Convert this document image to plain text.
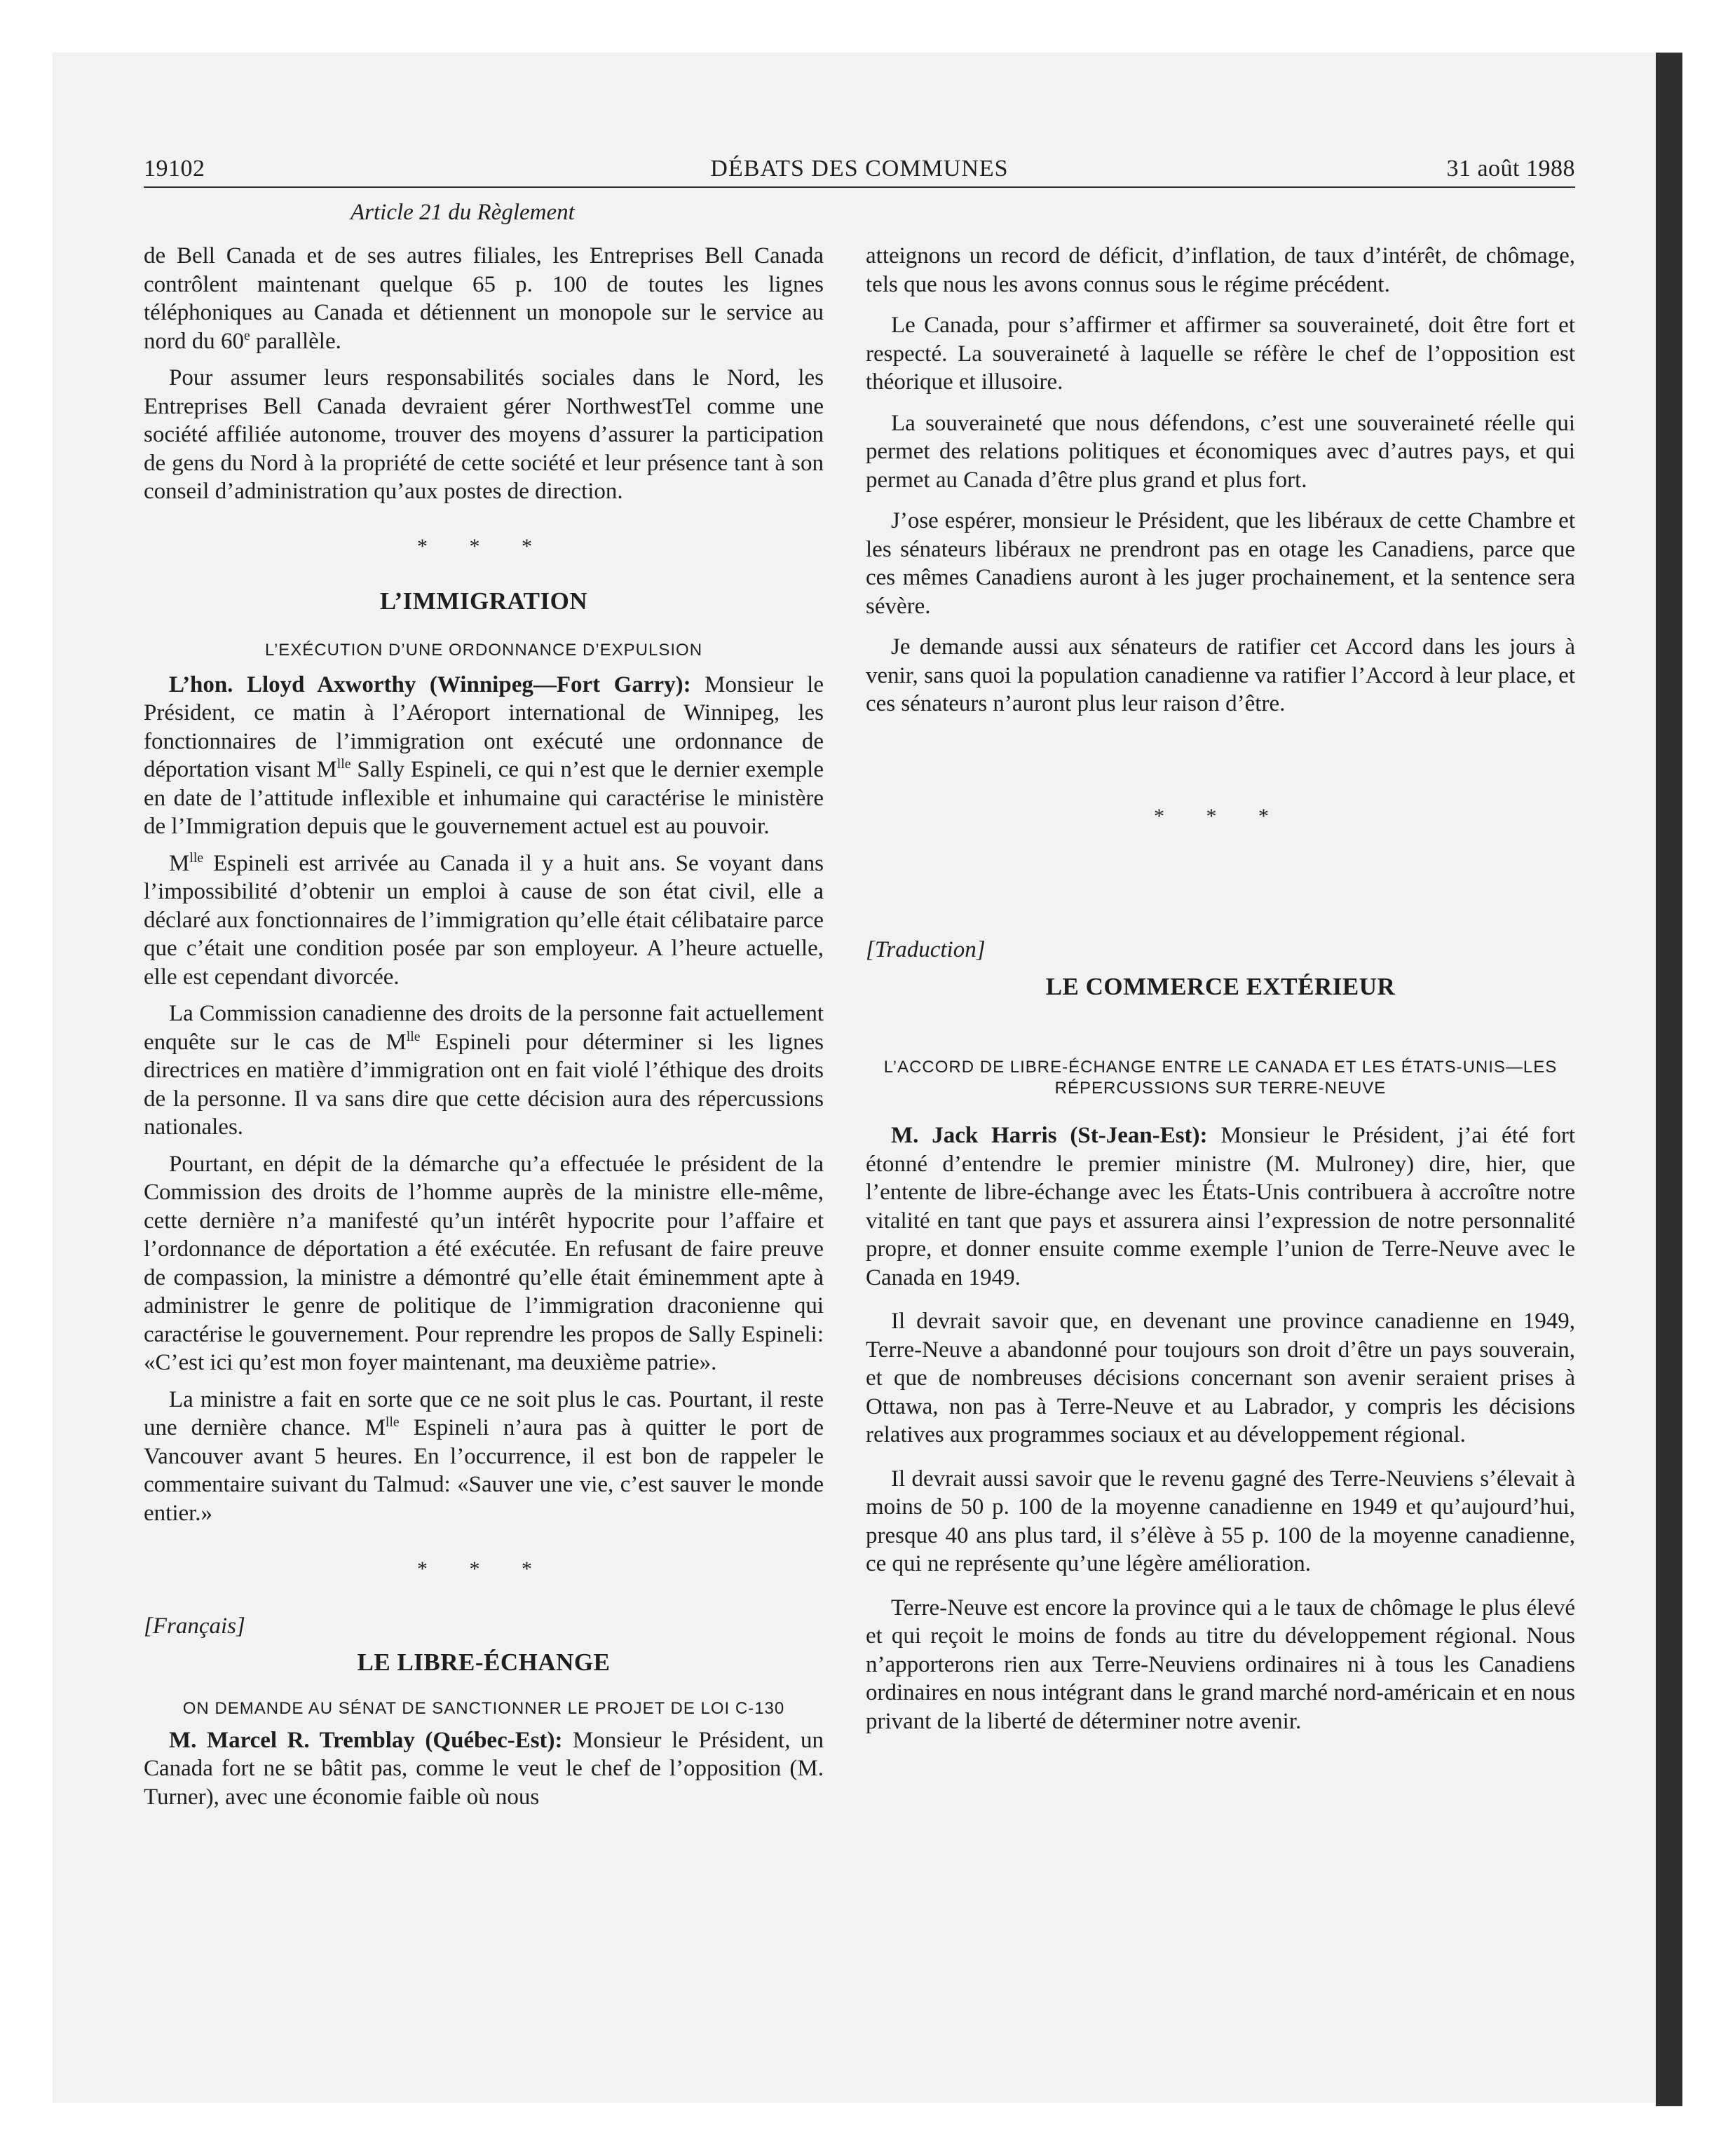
19102	DÉBATS DES COMMUNES	31 août 1988
Article 21 du Règlement

de Bell Canada et de ses autres filiales, les Entreprises Bell Canada contrôlent maintenant quelque 65 p. 100 de toutes les lignes téléphoniques au Canada et détiennent un monopole sur le service au nord du 60e parallèle.

Pour assumer leurs responsabilités sociales dans le Nord, les Entreprises Bell Canada devraient gérer NorthwestTel comme une société affiliée autonome, trouver des moyens d’assurer la participation de gens du Nord à la propriété de cette société et leur présence tant à son conseil d’administration qu’aux postes de direction.

* * *

L’IMMIGRATION

L’EXÉCUTION D’UNE ORDONNANCE D’EXPULSION

L’hon. Lloyd Axworthy (Winnipeg—Fort Garry): Monsieur le Président, ce matin à l’Aéroport international de Winnipeg, les fonctionnaires de l’immigration ont exécuté une ordonnance de déportation visant $M^{lle}$ Sally Espineli, ce qui n’est que le dernier exemple en date de l’attitude inflexible et inhumaine qui caractérise le ministère de l’Immigration depuis que le gouvernement actuel est au pouvoir.

$M^{lle}$ Espineli est arrivée au Canada il y a huit ans. Se voyant dans l’impossibilité d’obtenir un emploi à cause de son état civil, elle a déclaré aux fonctionnaires de l’immigration qu’elle était célibataire parce que c’était une condition posée par son employeur. A l’heure actuelle, elle est cependant divorcée.

La Commission canadienne des droits de la personne fait actuellement enquête sur le cas de $M^{lle}$ Espineli pour déterminer si les lignes directrices en matière d’immigration ont en fait violé l’éthique des droits de la personne. Il va sans dire que cette décision aura des répercussions nationales.

Pourtant, en dépit de la démarche qu’a effectuée le président de la Commission des droits de l’homme auprès de la ministre elle-même, cette dernière n’a manifesté qu’un intérêt hypocrite pour l’affaire et l’ordonnance de déportation a été exécutée. En refusant de faire preuve de compassion, la ministre a démontré qu’elle était éminemment apte à administrer le genre de politique de l’immigration draconienne qui caractérise le gouvernement. Pour reprendre les propos de Sally Espineli: «C’est ici qu’est mon foyer maintenant, ma deuxième patrie».

La ministre a fait en sorte que ce ne soit plus le cas. Pourtant, il reste une dernière chance. $M^{lle}$ Espineli n’aura pas à quitter le port de Vancouver avant 5 heures. En l’occurrence, il est bon de rappeler le commentaire suivant du Talmud: «Sauver une vie, c’est sauver le monde entier.»

* * *

[Français]

LE LIBRE-ÉCHANGE

ON DEMANDE AU SÉNAT DE SANCTIONNER LE PROJET DE LOI C-130

M. Marcel R. Tremblay (Québec-Est): Monsieur le Président, un Canada fort ne se bâtit pas, comme le veut le chef de l’opposition (M. Turner), avec une économie faible où nous

atteignons un record de déficit, d’inflation, de taux d’intérêt, de chômage, tels que nous les avons connus sous le régime précédent.

Le Canada, pour s’affirmer et affirmer sa souveraineté, doit être fort et respecté. La souveraineté à laquelle se réfère le chef de l’opposition est théorique et illusoire.

La souveraineté que nous défendons, c’est une souveraineté réelle qui permet des relations politiques et économiques avec d’autres pays, et qui permet au Canada d’être plus grand et plus fort.

J’ose espérer, monsieur le Président, que les libéraux de cette Chambre et les sénateurs libéraux ne prendront pas en otage les Canadiens, parce que ces mêmes Canadiens auront à les juger prochainement, et la sentence sera sévère.

Je demande aussi aux sénateurs de ratifier cet Accord dans les jours à venir, sans quoi la population canadienne va ratifier l’Accord à leur place, et ces sénateurs n’auront plus leur raison d’être.

* * *

[Traduction]

LE COMMERCE EXTÉRIEUR

L’ACCORD DE LIBRE-ÉCHANGE ENTRE LE CANADA ET LES ÉTATS-UNIS—LES RÉPERCUSSIONS SUR TERRE-NEUVE

M. Jack Harris (St-Jean-Est): Monsieur le Président, j’ai été fort étonné d’entendre le premier ministre (M. Mulroney) dire, hier, que l’entente de libre-échange avec les États-Unis contribuera à accroître notre vitalité en tant que pays et assurera ainsi l’expression de notre personnalité propre, et donner ensuite comme exemple l’union de Terre-Neuve avec le Canada en 1949.

Il devrait savoir que, en devenant une province canadienne en 1949, Terre-Neuve a abandonné pour toujours son droit d’être un pays souverain, et que de nombreuses décisions concernant son avenir seraient prises à Ottawa, non pas à Terre-Neuve et au Labrador, y compris les décisions relatives aux programmes sociaux et au développement régional.

Il devrait aussi savoir que le revenu gagné des Terre-Neuviens s’élevait à moins de 50 p. 100 de la moyenne canadienne en 1949 et qu’aujourd’hui, presque 40 ans plus tard, il s’élève à 55 p. 100 de la moyenne canadienne, ce qui ne représente qu’une légère amélioration.

Terre-Neuve est encore la province qui a le taux de chômage le plus élevé et qui reçoit le moins de fonds au titre du développement régional. Nous n’apporterons rien aux Terre-Neuviens ordinaires ni à tous les Canadiens ordinaires en nous intégrant dans le grand marché nord-américain et en nous privant de la liberté de déterminer notre avenir.
